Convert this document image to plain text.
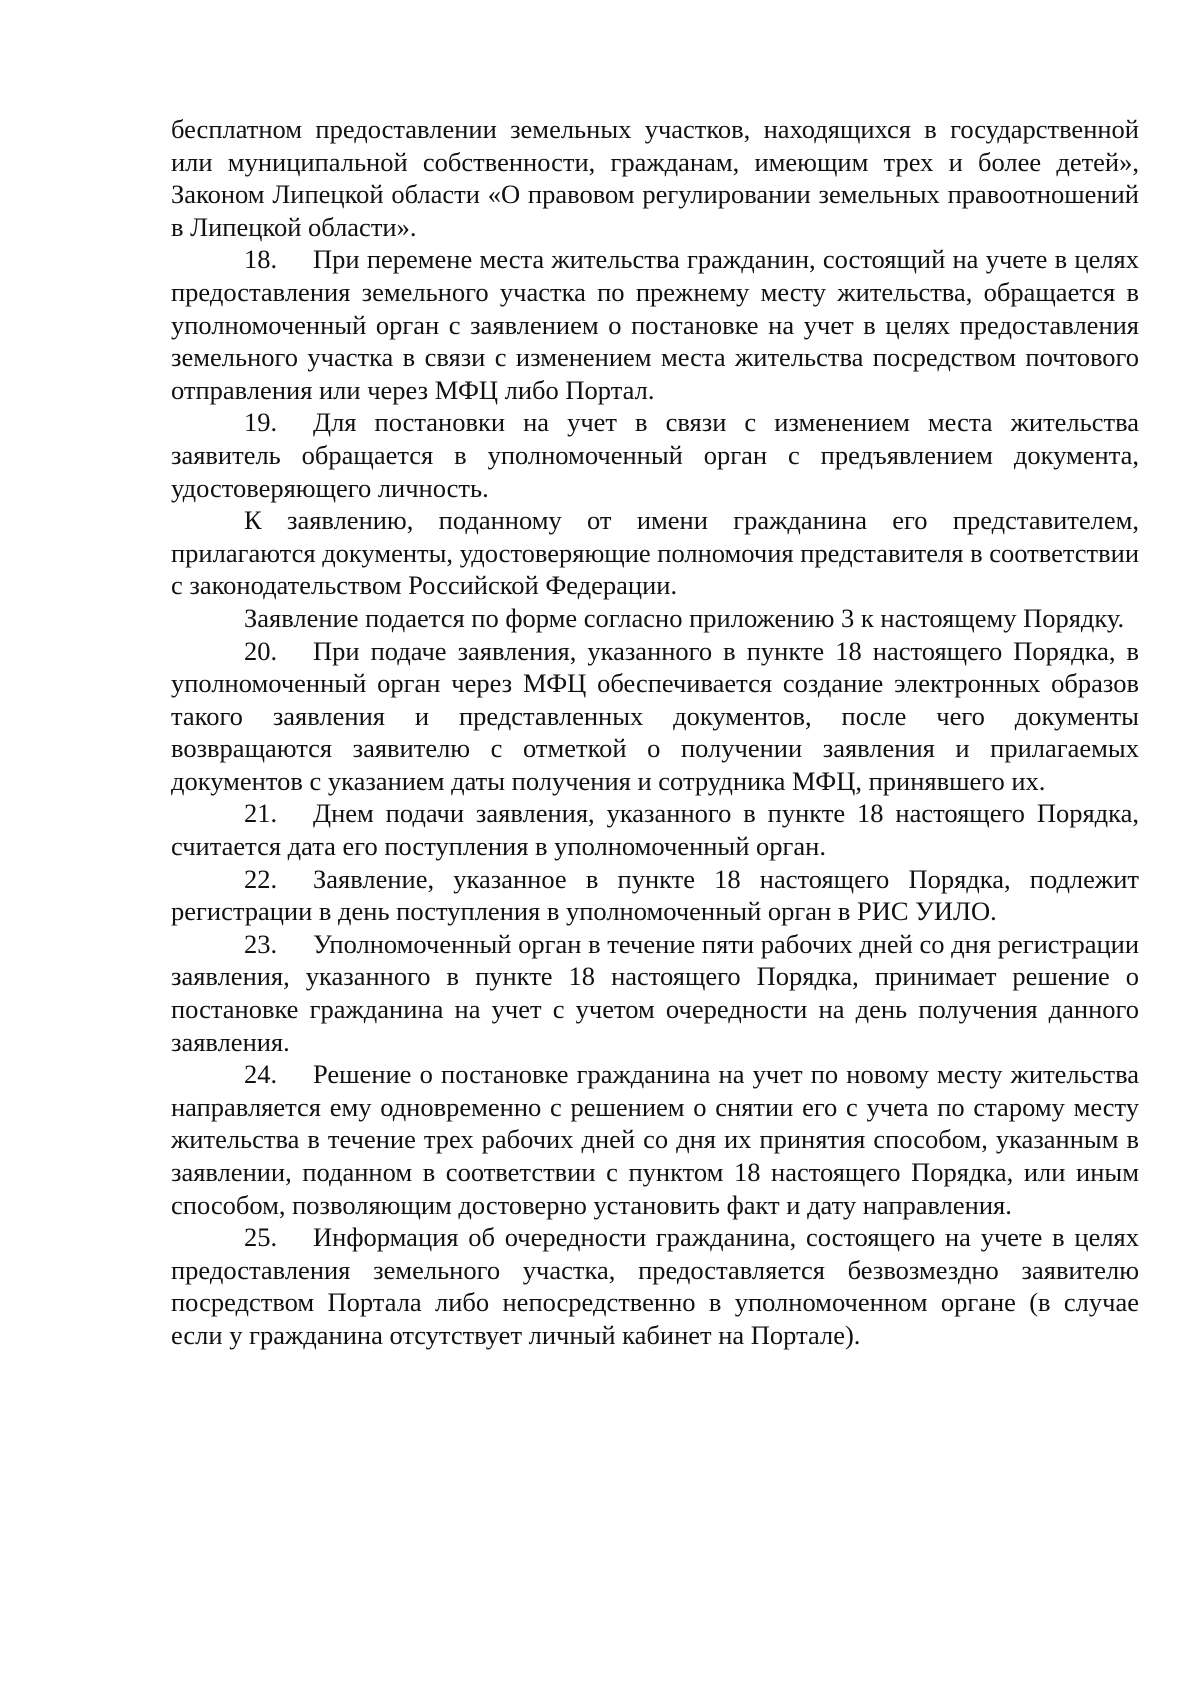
бесплатном предоставлении земельных участков, находящихся в государственной или муниципальной собственности, гражданам, имеющим трех и более детей», Законом Липецкой области «О правовом регулировании земельных правоотношений в Липецкой области».

18. При перемене места жительства гражданин, состоящий на учете в целях предоставления земельного участка по прежнему месту жительства, обращается в уполномоченный орган с заявлением о постановке на учет в целях предоставления земельного участка в связи с изменением места жительства посредством почтового отправления или через МФЦ либо Портал.

19. Для постановки на учет в связи с изменением места жительства заявитель обращается в уполномоченный орган с предъявлением документа, удостоверяющего личность.

К заявлению, поданному от имени гражданина его представителем, прилагаются документы, удостоверяющие полномочия представителя в соответствии с законодательством Российской Федерации.

Заявление подается по форме согласно приложению 3 к настоящему Порядку.

20. При подаче заявления, указанного в пункте 18 настоящего Порядка, в уполномоченный орган через МФЦ обеспечивается создание электронных образов такого заявления и представленных документов, после чего документы возвращаются заявителю с отметкой о получении заявления и прилагаемых документов с указанием даты получения и сотрудника МФЦ, принявшего их.

21. Днем подачи заявления, указанного в пункте 18 настоящего Порядка, считается дата его поступления в уполномоченный орган.

22. Заявление, указанное в пункте 18 настоящего Порядка, подлежит регистрации в день поступления в уполномоченный орган в РИС УИЛО.

23. Уполномоченный орган в течение пяти рабочих дней со дня регистрации заявления, указанного в пункте 18 настоящего Порядка, принимает решение о постановке гражданина на учет с учетом очередности на день получения данного заявления.

24. Решение о постановке гражданина на учет по новому месту жительства направляется ему одновременно с решением о снятии его с учета по старому месту жительства в течение трех рабочих дней со дня их принятия способом, указанным в заявлении, поданном в соответствии с пунктом 18 настоящего Порядка, или иным способом, позволяющим достоверно установить факт и дату направления.

25. Информация об очередности гражданина, состоящего на учете в целях предоставления земельного участка, предоставляется безвозмездно заявителю посредством Портала либо непосредственно в уполномоченном органе (в случае если у гражданина отсутствует личный кабинет на Портале).
